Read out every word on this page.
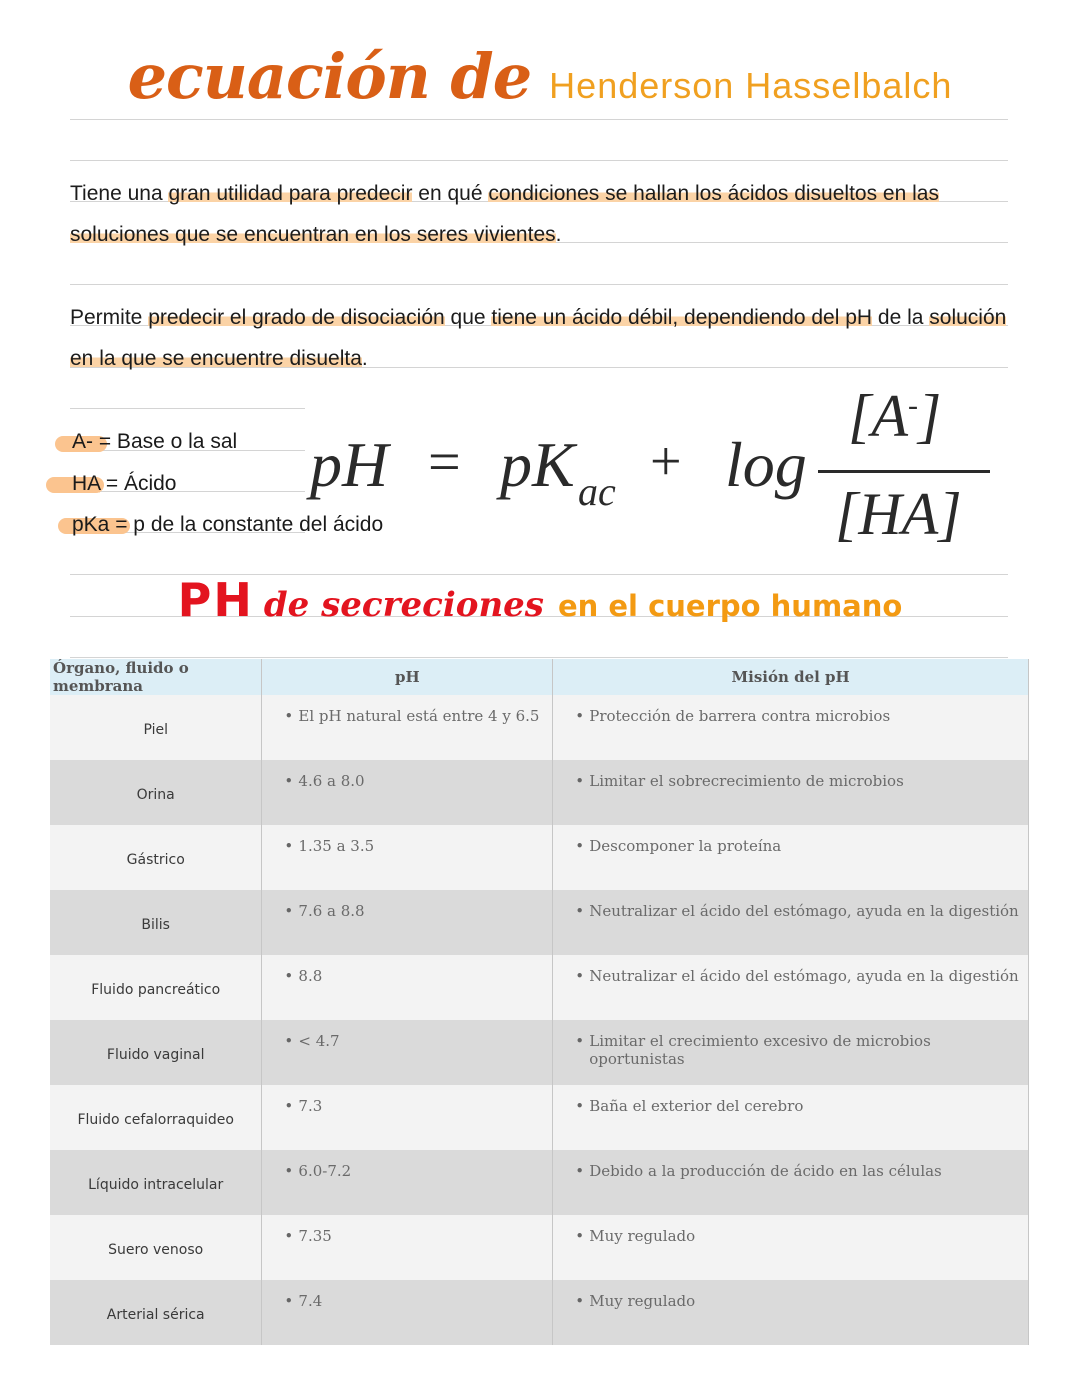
ecuación de Henderson Hasselbalch
Tiene una gran utilidad para predecir en qué condiciones se hallan los ácidos disueltos en las soluciones que se encuentran en los seres vivientes.
Permite predecir el grado de disociación que tiene un ácido débil, dependiendo del pH de la solución en la que se encuentre disuelta.
A- = Base o la sal
HA = Ácido
pKa = p de la constante del ácido
pH = pK ac + log
[A-]
[HA]
PH de secreciones en el cuerpo humano
Órgano, fluido o membrana	pH	Misión del pH
Piel	• El pH natural está entre 4 y 6.5	• Protección de barrera contra microbios

Orina	• 4.6 a 8.0	• Limitar el sobrecrecimiento de microbios

Gástrico	• 1.35 a 3.5	• Descomponer la proteína

Bilis	• 7.6 a 8.8	• Neutralizar el ácido del estómago, ayuda en la digestión

Fluido pancreático	• 8.8	• Neutralizar el ácido del estómago, ayuda en la digestión

Fluido vaginal	• < 4.7	• Limitar el crecimiento excesivo de microbios oportunistas

Fluido cefalorraquideo	• 7.3	• Baña el exterior del cerebro

Líquido intracelular	• 6.0-7.2	• Debido a la producción de ácido en las células

Suero venoso	• 7.35	• Muy regulado

Arterial sérica	• 7.4	• Muy regulado
